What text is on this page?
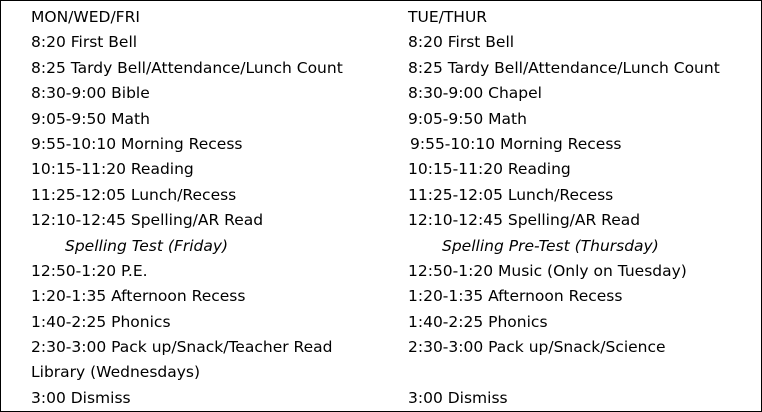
MON/WED/FRI
8:20 First Bell
8:25 Tardy Bell/Attendance/Lunch Count
8:30-9:00 Bible
9:05-9:50 Math
9:55-10:10 Morning Recess
10:15-11:20 Reading
11:25-12:05 Lunch/Recess
12:10-12:45 Spelling/AR Read
Spelling Test (Friday)
12:50-1:20 P.E.
1:20-1:35 Afternoon Recess
1:40-2:25 Phonics
2:30-3:00 Pack up/Snack/Teacher Read
Library (Wednesdays)
3:00 Dismiss
TUE/THUR
8:20 First Bell
8:25 Tardy Bell/Attendance/Lunch Count
8:30-9:00 Chapel
9:05-9:50 Math
9:55-10:10 Morning Recess
10:15-11:20 Reading
11:25-12:05 Lunch/Recess
12:10-12:45 Spelling/AR Read
Spelling Pre-Test (Thursday)
12:50-1:20 Music (Only on Tuesday)
1:20-1:35 Afternoon Recess
1:40-2:25 Phonics
2:30-3:00 Pack up/Snack/Science
3:00 Dismiss
